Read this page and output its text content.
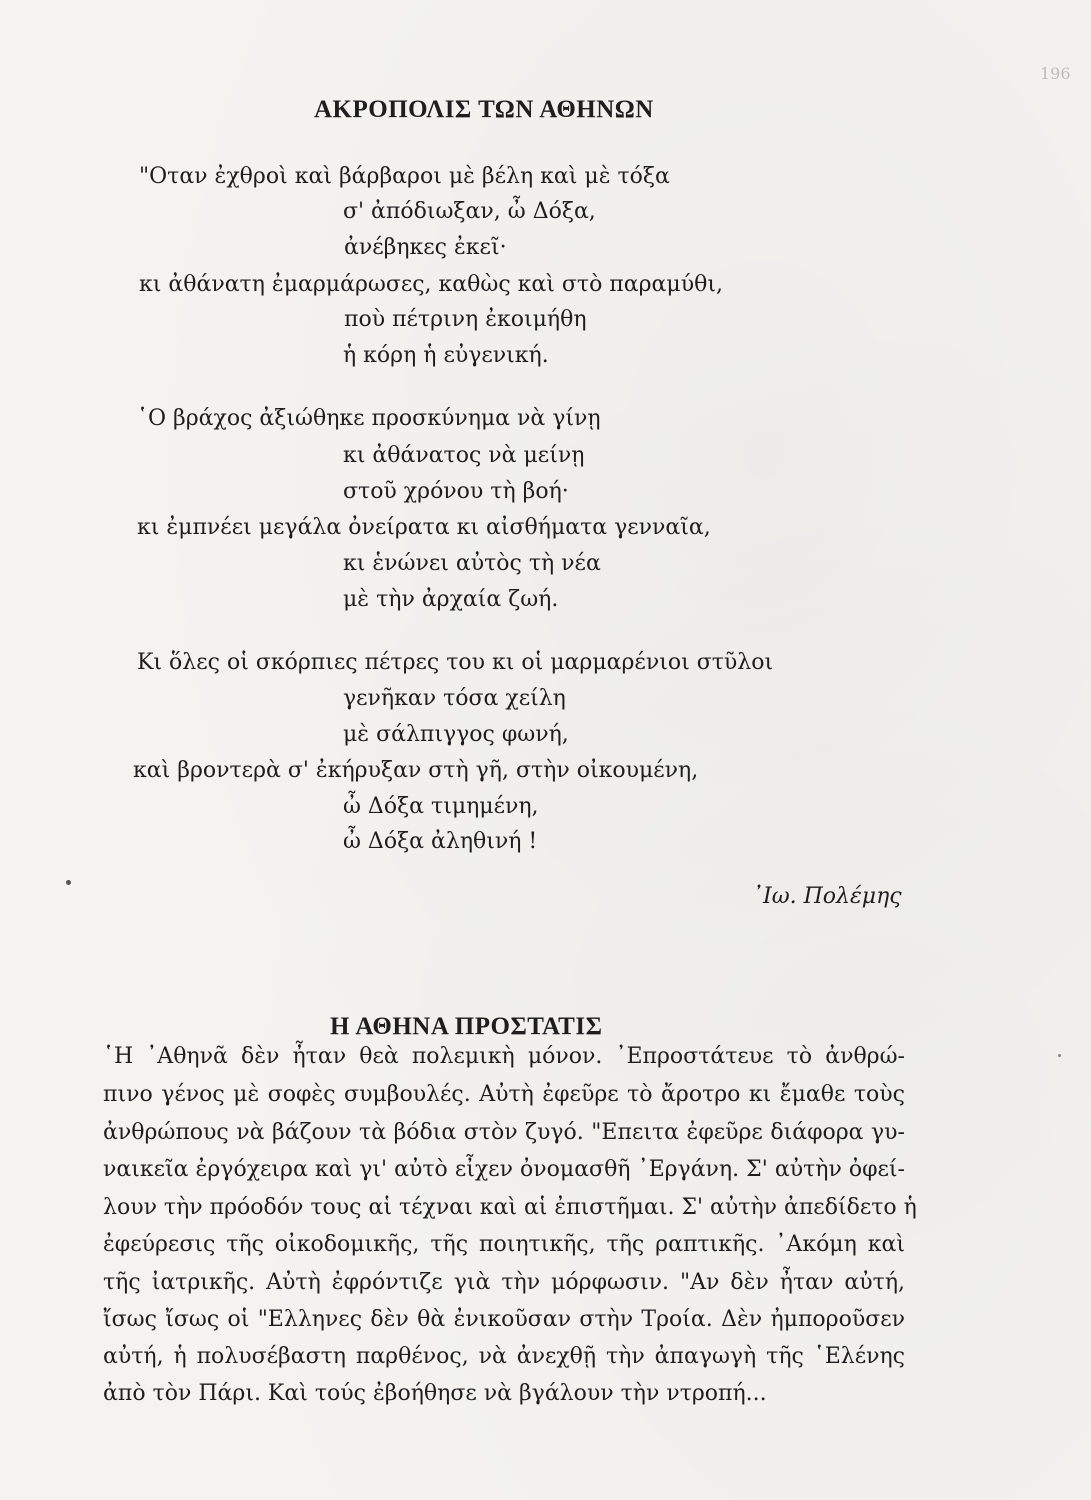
196
ΑΚΡΟΠΟΛΙΣ ΤΩΝ ΑΘΗΝΩΝ
"Οταν ἐχθροὶ καὶ βάρβαροι μὲ βέλη καὶ μὲ τόξα
σ' ἀπόδιωξαν, ὦ Δόξα,
ἀνέβηκες ἐκεῖ·
κι ἀθάνατη ἐμαρμάρωσες, καθὼς καὶ στὸ παραμύθι,
ποὺ πέτρινη ἐκοιμήθη
ἡ κόρη ἡ εὐγενική.
῾Ο βράχος ἀξιώθηκε προσκύνημα νὰ γίνῃ
κι ἀθάνατος νὰ μείνῃ
στοῦ χρόνου τὴ βοή·
κι ἐμπνέει μεγάλα ὀνείρατα κι αἰσθήματα γενναῖα,
κι ἑνώνει αὐτὸς τὴ νέα
μὲ τὴν ἀρχαία ζωή.
Κι ὅλες οἱ σκόρπιες πέτρες του κι οἱ μαρμαρένιοι στῦλοι
γενῆκαν τόσα χείλη
μὲ σάλπιγγος φωνή,
καὶ βροντερὰ σ' ἐκήρυξαν στὴ γῆ, στὴν οἰκουμένη,
ὦ Δόξα τιμημένη,
ὦ Δόξα ἀληθινή !
᾿Ιω. Πολέμης
Η ΑΘΗΝΑ ΠΡΟΣΤΑΤΙΣ
῾Η ᾿Αθηνᾶ δὲν ἦταν θεὰ πολεμικὴ μόνον. ᾿Επροστάτευε τὸ ἀνθρώ-
πινο γένος μὲ σοφὲς συμβουλές. Αὐτὴ ἐφεῦρε τὸ ἄροτρο κι ἔμαθε τοὺς
ἀνθρώπους νὰ βάζουν τὰ βόδια στὸν ζυγό. "Επειτα ἐφεῦρε διάφορα γυ-
ναικεῖα ἐργόχειρα καὶ γι' αὐτὸ εἶχεν ὀνομασθῆ ᾿Εργάνη. Σ' αὐτὴν ὀφεί-
λουν τὴν πρόοδόν τους αἱ τέχναι καὶ αἱ ἐπιστῆμαι. Σ' αὐτὴν ἀπεδίδετο ἡ
ἐφεύρεσις τῆς οἰκοδομικῆς, τῆς ποιητικῆς, τῆς ραπτικῆς. ᾿Ακόμη καὶ
τῆς ἰατρικῆς. Αὐτὴ ἐφρόντιζε γιὰ τὴν μόρφωσιν. "Αν δὲν ἦταν αὐτή,
ἴσως ἴσως οἱ "Ελληνες δὲν θὰ ἐνικοῦσαν στὴν Τροία. Δὲν ἠμποροῦσεν
αὐτή, ἡ πολυσέβαστη παρθένος, νὰ ἀνεχθῇ τὴν ἀπαγωγὴ τῆς ῾Ελένης
ἀπὸ τὸν Πάρι. Καὶ τούς ἐβοήθησε νὰ βγάλουν τὴν ντροπή...
